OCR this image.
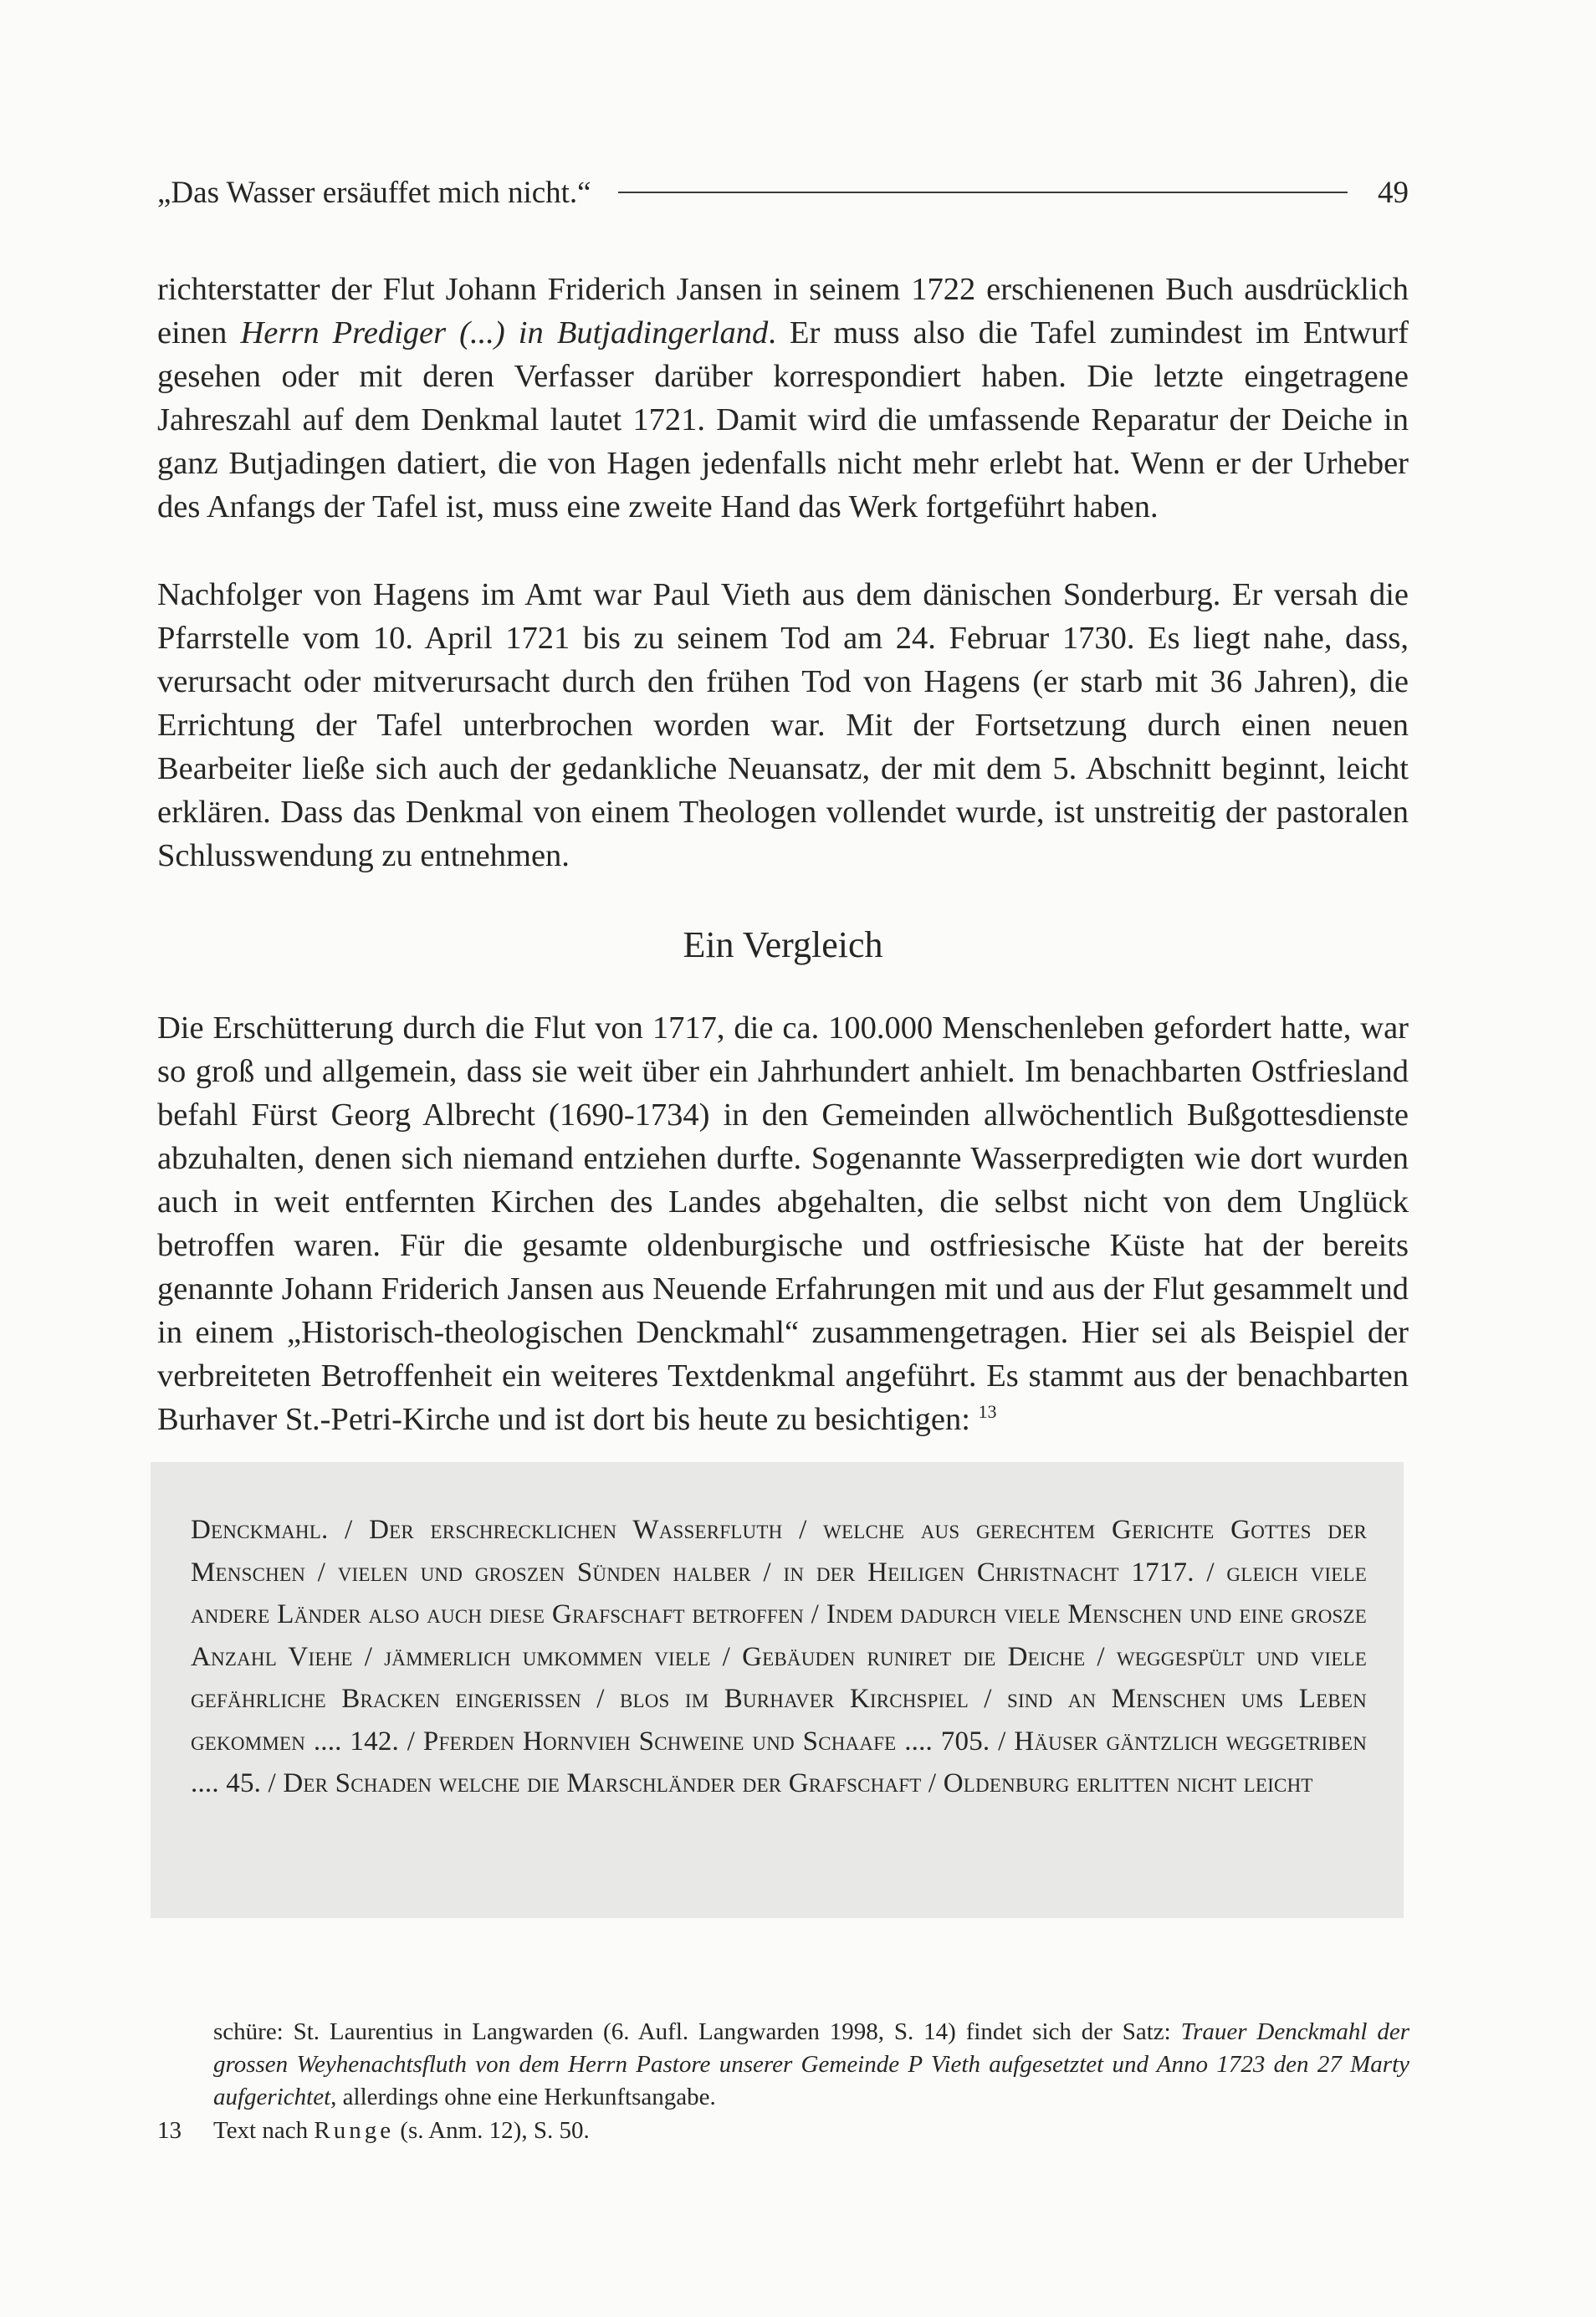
„Das Wasser ersäuffet mich nicht.“	49

richterstatter der Flut Johann Friderich Jansen in seinem 1722 erschienenen Buch ausdrücklich einen Herrn Prediger (...) in Butjadingerland. Er muss also die Tafel zumindest im Entwurf gesehen oder mit deren Verfasser darüber korrespondiert haben. Die letzte eingetragene Jahreszahl auf dem Denkmal lautet 1721. Damit wird die umfassende Reparatur der Deiche in ganz Butjadingen datiert, die von Hagen jedenfalls nicht mehr erlebt hat. Wenn er der Urheber des Anfangs der Tafel ist, muss eine zweite Hand das Werk fortgeführt haben.

Nachfolger von Hagens im Amt war Paul Vieth aus dem dänischen Sonderburg. Er versah die Pfarrstelle vom 10. April 1721 bis zu seinem Tod am 24. Februar 1730. Es liegt nahe, dass, verursacht oder mitverursacht durch den frühen Tod von Hagens (er starb mit 36 Jahren), die Errichtung der Tafel unterbrochen worden war. Mit der Fortsetzung durch einen neuen Bearbeiter ließe sich auch der gedankliche Neuansatz, der mit dem 5. Abschnitt beginnt, leicht erklären. Dass das Denkmal von einem Theologen vollendet wurde, ist unstreitig der pastoralen Schlusswendung zu entnehmen.

Ein Vergleich

Die Erschütterung durch die Flut von 1717, die ca. 100.000 Menschenleben gefordert hatte, war so groß und allgemein, dass sie weit über ein Jahrhundert anhielt. Im benachbarten Ostfriesland befahl Fürst Georg Albrecht (1690-1734) in den Gemeinden allwöchentlich Bußgottesdienste abzuhalten, denen sich niemand entziehen durfte. Sogenannte Wasserpredigten wie dort wurden auch in weit entfernten Kirchen des Landes abgehalten, die selbst nicht von dem Unglück betroffen waren. Für die gesamte oldenburgische und ostfriesische Küste hat der bereits genannte Johann Friderich Jansen aus Neuende Erfahrungen mit und aus der Flut gesammelt und in einem „Historisch-theologischen Denckmahl“ zusammengetragen. Hier sei als Beispiel der verbreiteten Betroffenheit ein weiteres Textdenkmal angeführt. Es stammt aus der benachbarten Burhaver St.-Petri-Kirche und ist dort bis heute zu besichtigen: $^{13}$

Denckmahl. / Der erschrecklichen Wasserfluth / welche aus gerechtem Gerichte Gottes der Menschen / vielen und groszen Sünden halber / in der Heiligen Christnacht 1717. / gleich viele andere Länder also auch diese Grafschaft betroffen / Indem dadurch viele Menschen und eine grosze Anzahl Viehe / jämmerlich umkommen viele / Gebäuden runiret die Deiche / weggespült und viele gefährliche Bracken eingerissen / blos im Burhaver Kirchspiel / sind an Menschen ums Leben gekommen .... 142. / Pferden Hornvieh Schweine und Schaafe .... 705. / Häuser gäntzlich weggetriben .... 45. / Der Schaden welche die Marschländer der Grafschaft / Oldenburg erlitten nicht leicht

schüre: St. Laurentius in Langwarden (6. Aufl. Langwarden 1998, S. 14) findet sich der Satz: Trauer Denckmahl der grossen Weyhenachtsfluth von dem Herrn Pastore unserer Gemeinde P Vieth aufgesetztet und Anno 1723 den 27 Marty aufgerichtet, allerdings ohne eine Herkunftsangabe.

13 Text nach Runge (s. Anm. 12), S. 50.
